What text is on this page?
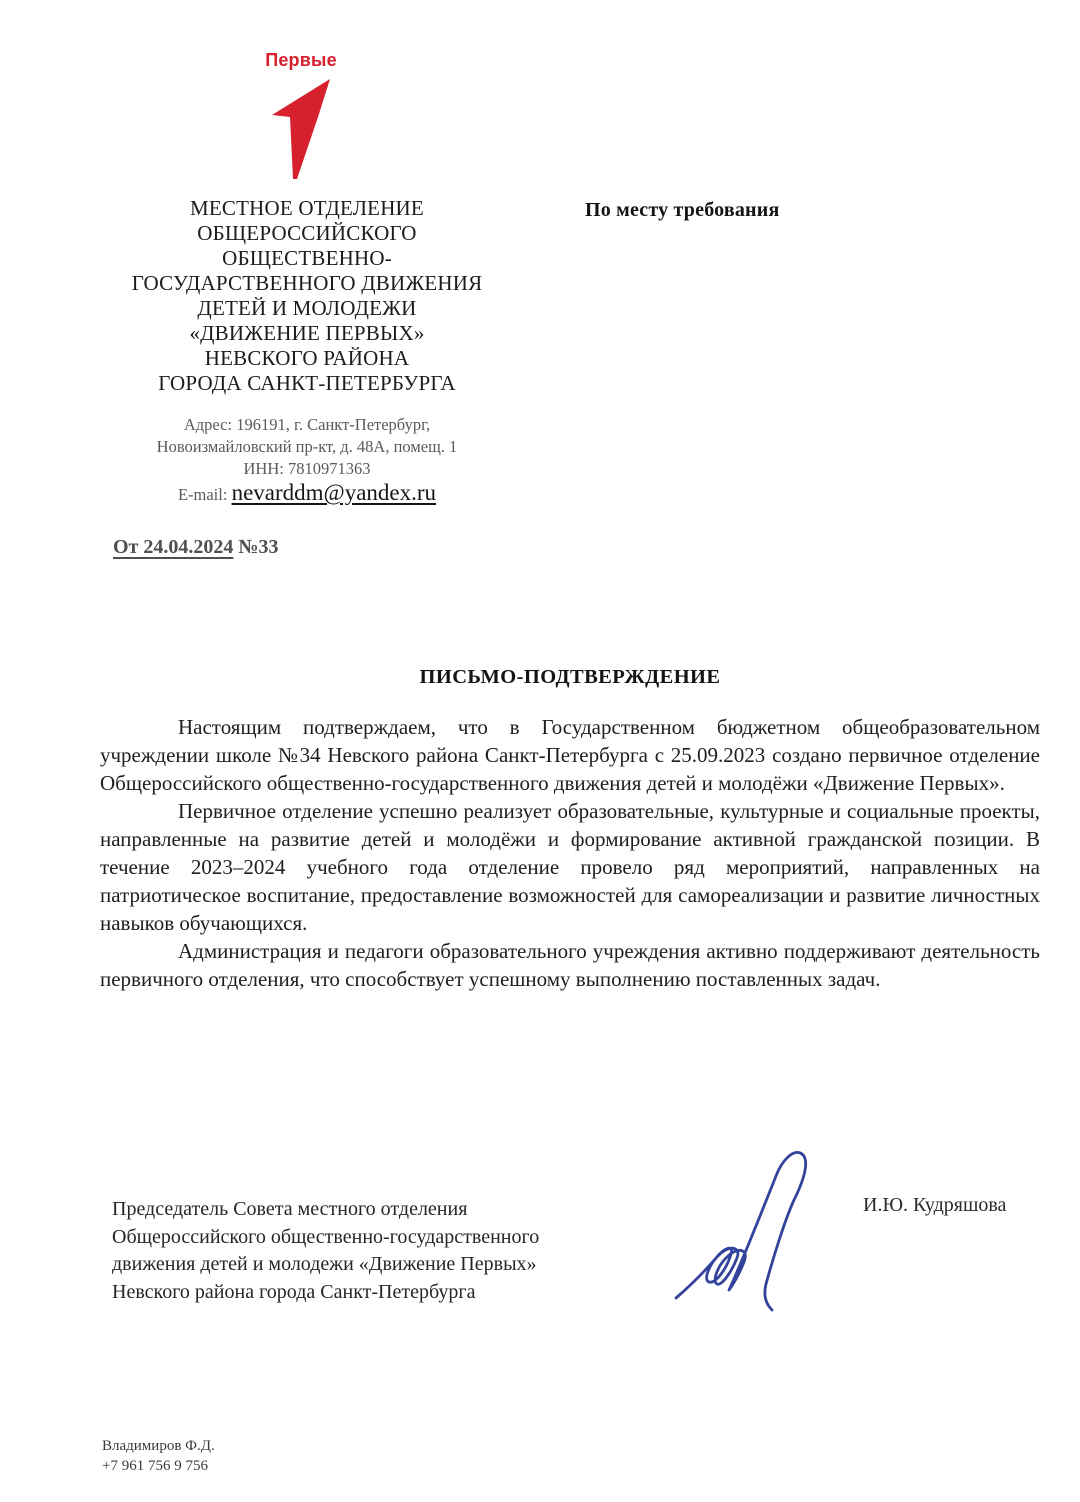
Первые
МЕСТНОЕ ОТДЕЛЕНИЕ
ОБЩЕРОССИЙСКОГО
ОБЩЕСТВЕННО-
ГОСУДАРСТВЕННОГО ДВИЖЕНИЯ
ДЕТЕЙ И МОЛОДЕЖИ
«ДВИЖЕНИЕ ПЕРВЫХ»
НЕВСКОГО РАЙОНА
ГОРОДА САНКТ-ПЕТЕРБУРГА
По месту требования
Адрес: 196191, г. Санкт-Петербург,
Новоизмайловский пр-кт, д. 48А, помещ. 1
ИНН: 7810971363
E-mail: nevarddm@yandex.ru
От 24.04.2024 №33
ПИСЬМО-ПОДТВЕРЖДЕНИЕ

Настоящим подтверждаем, что в Государственном бюджетном общеобразовательном учреждении школе №34 Невского района Санкт-Петербурга с 25.09.2023 создано первичное отделение Общероссийского общественно-государственного движения детей и молодёжи «Движение Первых».

Первичное отделение успешно реализует образовательные, культурные и социальные проекты, направленные на развитие детей и молодёжи и формирование активной гражданской позиции. В течение 2023–2024 учебного года отделение провело ряд мероприятий, направленных на патриотическое воспитание, предоставление возможностей для самореализации и развитие личностных навыков обучающихся.

Администрация и педагоги образовательного учреждения активно поддерживают деятельность первичного отделения, что способствует успешному выполнению поставленных задач.

Председатель Совета местного отделения
Общероссийского общественно-государственного
движения детей и молодежи «Движение Первых»
Невского района города Санкт-Петербурга
И.Ю. Кудряшова
Владимиров Ф.Д.
+7 961 756 9 756
